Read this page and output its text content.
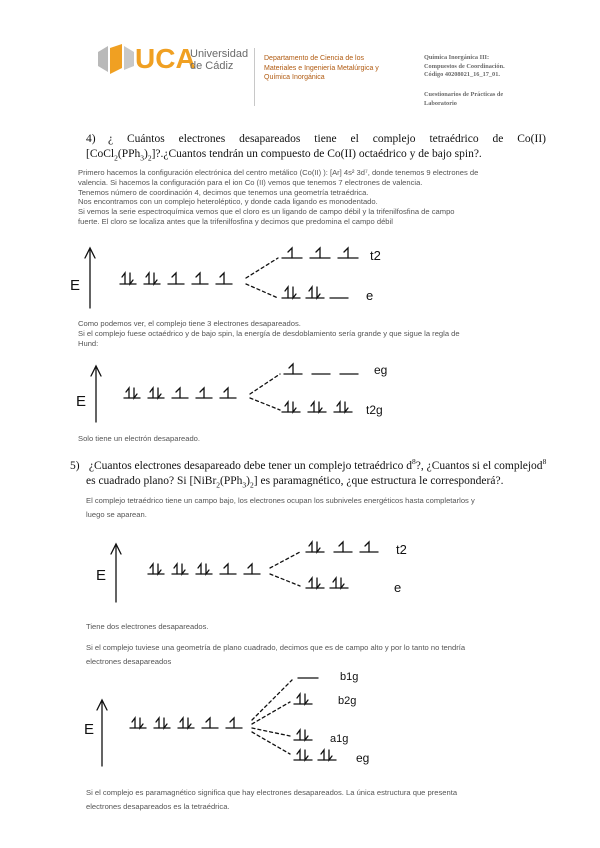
UCA
Universidad
de Cádiz
Departamento de Ciencia de los
Materiales e Ingeniería Metalúrgica y
Química Inorgánica
Química Inorgánica III:
Compuestos de Coordinación.
Código 40208021_16_17_01.
Cuestionarios de Prácticas de
Laboratorio
4)	¿ Cuántos electrones desapareados tiene el complejo tetraédrico de Co(II)
$[CoCl_2(PPh_3)_2]?.¿Cuantos$ tendrán un compuesto de Co(II) octaédrico y de bajo spin?.
Primero hacemos la configuración electrónica del centro metálico (Co(II) ): [Ar] 4s² 3d⁷, donde tenemos 9 electrones de
valencia. Si hacemos la configuración para el ion Co (II) vemos que tenemos 7 electrones de valencia.
Tenemos número de coordinación 4, decimos que tenemos una geometría tetraédrica.
Nos encontramos con un complejo heteroléptico, y donde cada ligando es monodentado.
Si vemos la serie espectroquímica vemos que el cloro es un ligando de campo débil y la trifenilfosfina de campo
fuerte. El cloro se localiza antes que la trifenilfosfina y decimos que predomina el campo débil
E
t2
e
Como podemos ver, el complejo tiene 3 electrones desapareados.
Si el complejo fuese octaédrico y de bajo spin, la energía de desdoblamiento sería grande y que sigue la regla de
Hund:
E
eg
t2g
Solo tiene un electrón desapareado.
5) ¿Cuantos electrones desapareado debe tener un complejo tetraédrico $d^8$?, ¿Cuantos si el complejod$^8$
es cuadrado plano? Si $[NiBr_2(PPh_3)_2]$ es paramagnético, ¿que estructura le corresponderá?.
El complejo tetraédrico tiene un campo bajo, los electrones ocupan los subniveles energéticos hasta completarlos y
luego se aparean.
E
t2
e
Tiene dos electrones desapareados.
Si el complejo tuviese una geometría de plano cuadrado, decimos que es de campo alto y por lo tanto no tendría
electrones desapareados
E
b1g
b2g
a1g
eg
Si el complejo es paramagnético significa que hay electrones desapareados. La única estructura que presenta
electrones desapareados es la tetraédrica.
